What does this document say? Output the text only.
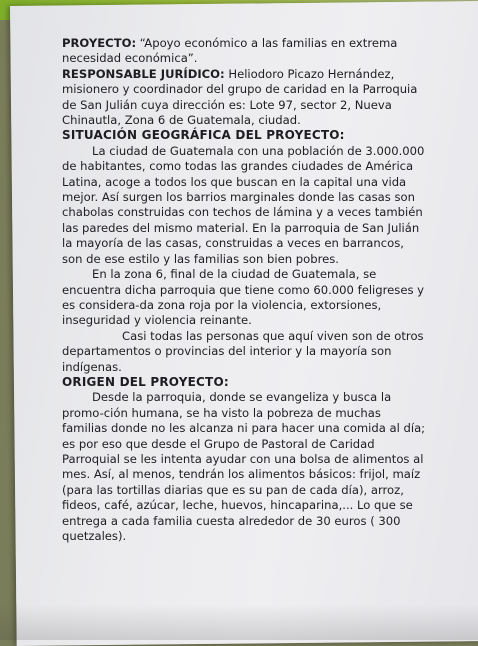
PROYECTO: “Apoyo económico a las familias en extrema necesidad económica”.

RESPONSABLE JURÍDICO: Heliodoro Picazo Hernández, misionero y coordinador del grupo de caridad en la Parroquia de San Julián cuya dirección es: Lote 97, sector 2, Nueva Chinautla, Zona 6 de Guatemala, ciudad.

SITUACIÓN GEOGRÁFICA DEL PROYECTO:

La ciudad de Guatemala con una población de 3.000.000 de habitantes, como todas las grandes ciudades de América Latina, acoge a todos los que buscan en la capital una vida mejor. Así surgen los barrios marginales donde las casas son chabolas construidas con techos de lámina y a veces también las paredes del mismo material. En la parroquia de San Julián la mayoría de las casas, construidas a veces en barrancos, son de ese estilo y las familias son bien pobres.

En la zona 6, final de la ciudad de Guatemala, se encuentra dicha parroquia que tiene como 60.000 feligreses y es considera-da zona roja por la violencia, extorsiones, inseguridad y violencia reinante.

Casi todas las personas que aquí viven son de otros departamentos o provincias del interior y la mayoría son indígenas.

ORIGEN DEL PROYECTO:

Desde la parroquia, donde se evangeliza y busca la promo-ción humana, se ha visto la pobreza de muchas familias donde no les alcanza ni para hacer una comida al día; es por eso que desde el Grupo de Pastoral de Caridad Parroquial se les intenta ayudar con una bolsa de alimentos al mes. Así, al menos, tendrán los alimentos básicos: frijol, maíz (para las tortillas diarias que es su pan de cada día), arroz, fideos, café, azúcar, leche, huevos, hincaparina,... Lo que se entrega a cada familia cuesta alrededor de 30 euros ( 300 quetzales).
